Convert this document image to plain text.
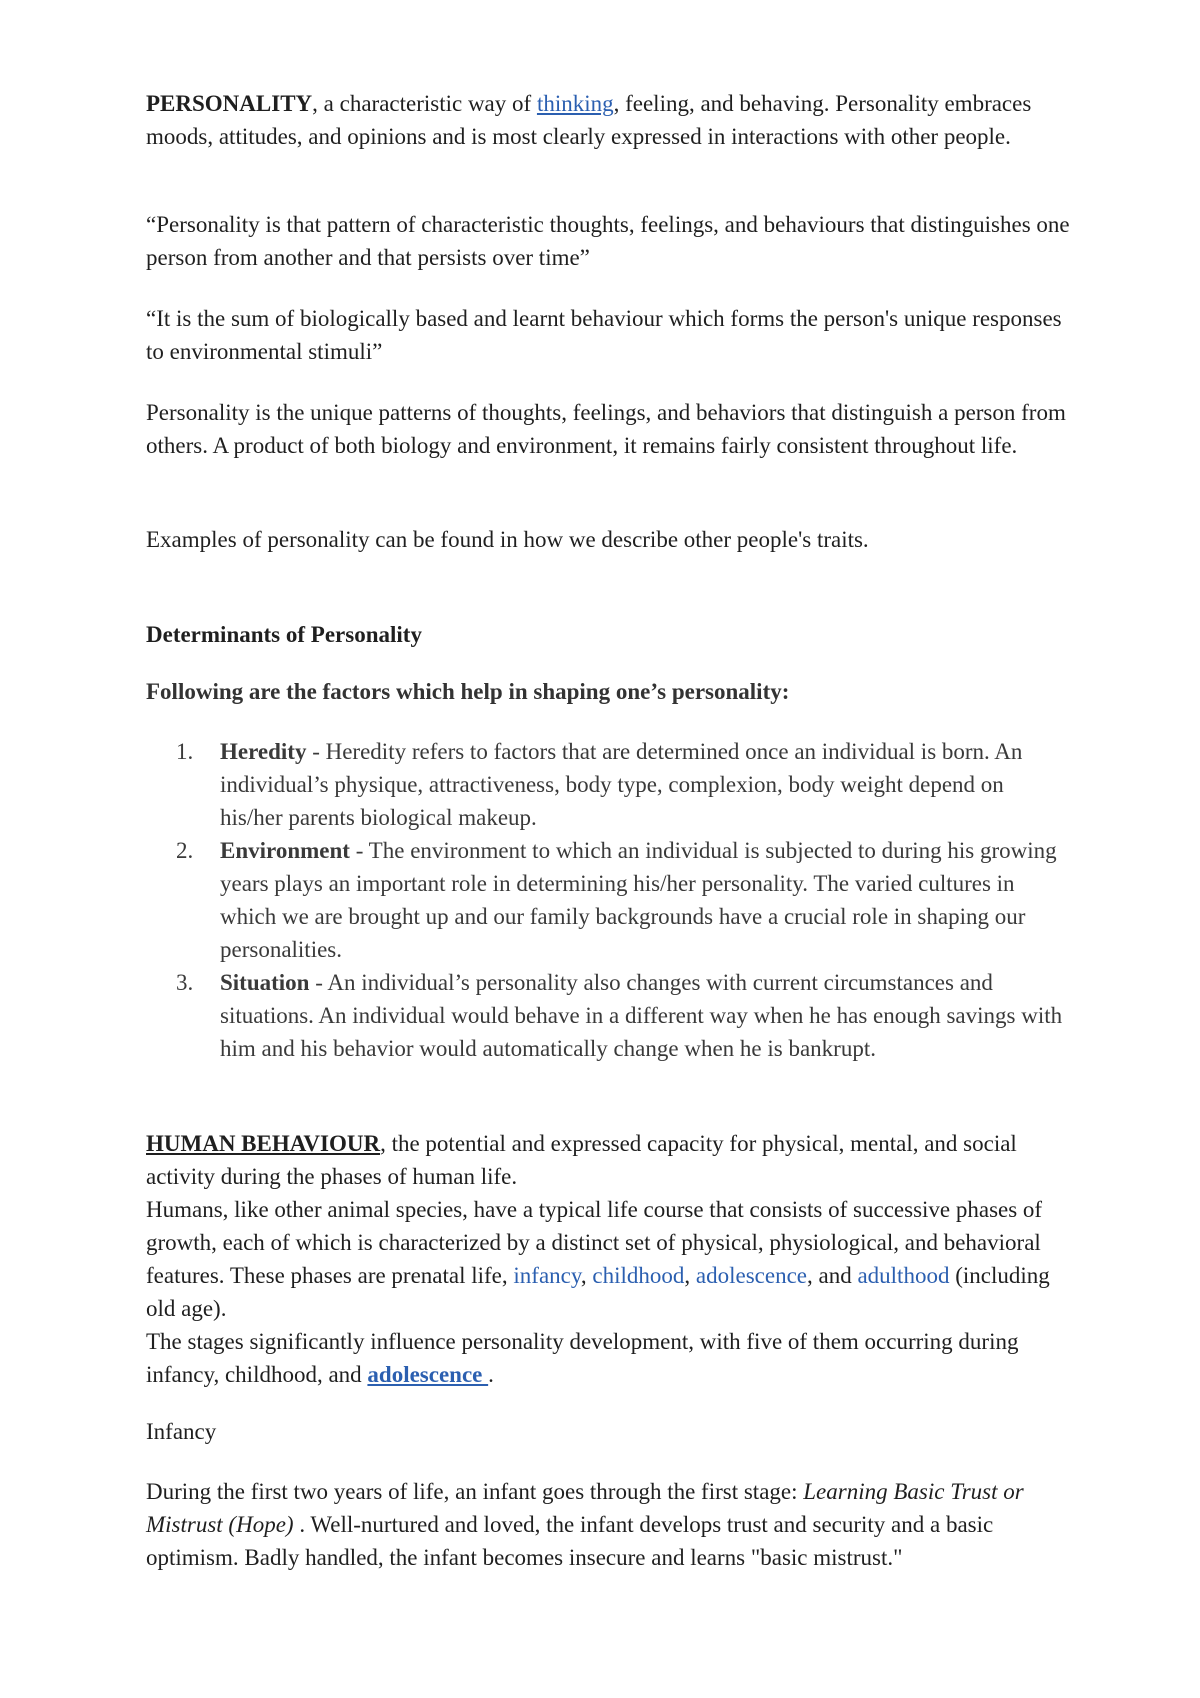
PERSONALITY, a characteristic way of thinking, feeling, and behaving. Personality embraces moods, attitudes, and opinions and is most clearly expressed in interactions with other people.

“Personality is that pattern of characteristic thoughts, feelings, and behaviours that distinguishes one person from another and that persists over time”

“It is the sum of biologically based and learnt behaviour which forms the person's unique responses to environmental stimuli”

Personality is the unique patterns of thoughts, feelings, and behaviors that distinguish a person from others. A product of both biology and environment, it remains fairly consistent throughout life.

Examples of personality can be found in how we describe other people's traits.

Determinants of Personality
Following are the factors which help in shaping one’s personality:
1. Heredity - Heredity refers to factors that are determined once an individual is born. An individual’s physique, attractiveness, body type, complexion, body weight depend on his/her parents biological makeup.
2. Environment - The environment to which an individual is subjected to during his growing years plays an important role in determining his/her personality. The varied cultures in which we are brought up and our family backgrounds have a crucial role in shaping our personalities.
3. Situation - An individual’s personality also changes with current circumstances and situations. An individual would behave in a different way when he has enough savings with him and his behavior would automatically change when he is bankrupt.

HUMAN BEHAVIOUR, the potential and expressed capacity for physical, mental, and social activity during the phases of human life.

Humans, like other animal species, have a typical life course that consists of successive phases of growth, each of which is characterized by a distinct set of physical, physiological, and behavioral features. These phases are prenatal life, infancy, childhood, adolescence, and adulthood (including old age).

The stages significantly influence personality development, with five of them occurring during infancy, childhood, and adolescence .

Infancy

During the first two years of life, an infant goes through the first stage: Learning Basic Trust or Mistrust (Hope) . Well-nurtured and loved, the infant develops trust and security and a basic optimism. Badly handled, the infant becomes insecure and learns "basic mistrust."
